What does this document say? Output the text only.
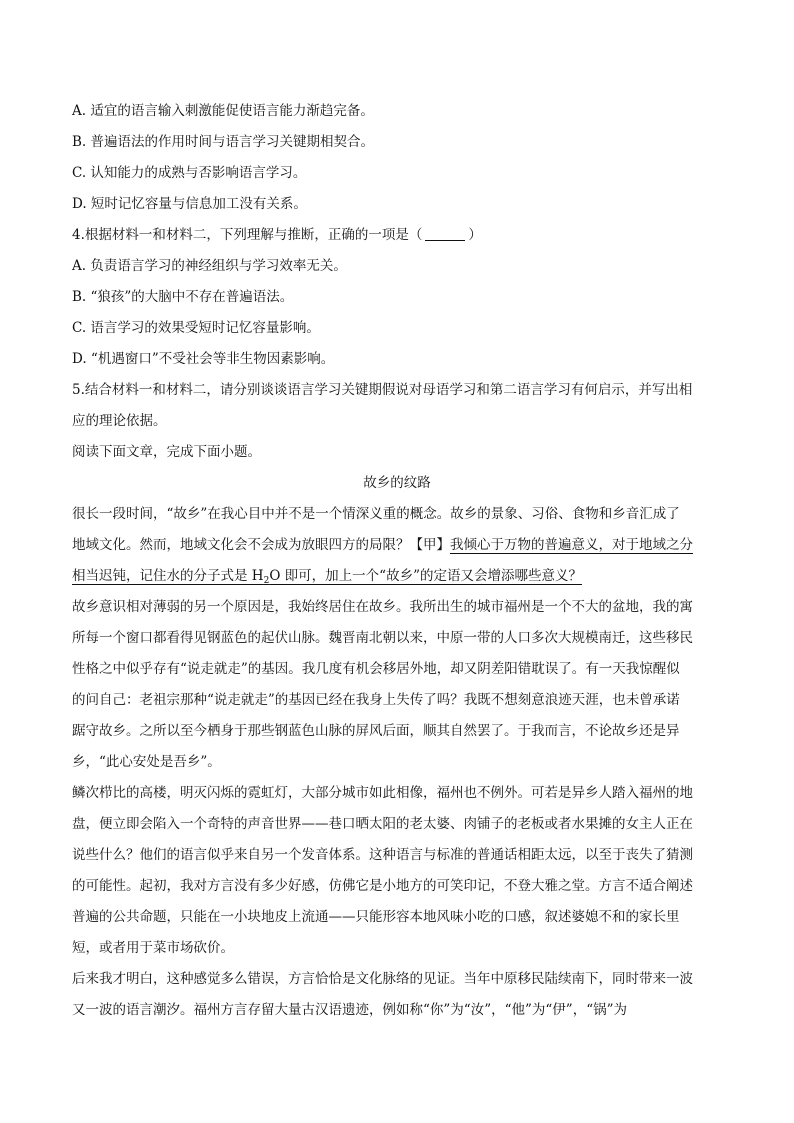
A. 适宜的语言输入刺激能促使语言能力渐趋完备。
B. 普遍语法的作用时间与语言学习关键期相契合。
C. 认知能力的成熟与否影响语言学习。
D. 短时记忆容量与信息加工没有关系。
4.根据材料一和材料二，下列理解与推断，正确的一项是（	）
A. 负责语言学习的神经组织与学习效率无关。
B. “狼孩”的大脑中不存在普遍语法。
C. 语言学习的效果受短时记忆容量影响。
D. “机遇窗口”不受社会等非生物因素影响。
5.结合材料一和材料二，请分别谈谈语言学习关键期假说对母语学习和第二语言学习有何启示，并写出相
应的理论依据。
阅读下面文章，完成下面小题。
故乡的纹路
很长一段时间，“故乡”在我心目中并不是一个情深义重的概念。故乡的景象、习俗、食物和乡音汇成了
地域文化。然而，地域文化会不会成为放眼四方的局限？【甲】我倾心于万物的普遍意义，对于地域之分
相当迟钝，记住水的分子式是 $H_2O$ 即可，加上一个“故乡”的定语又会增添哪些意义？
故乡意识相对薄弱的另一个原因是，我始终居住在故乡。我所出生的城市福州是一个不大的盆地，我的寓
所每一个窗口都看得见钢蓝色的起伏山脉。魏晋南北朝以来，中原一带的人口多次大规模南迁，这些移民
性格之中似乎存有“说走就走”的基因。我几度有机会移居外地，却又阴差阳错耽误了。有一天我惊醒似
的问自己：老祖宗那种“说走就走”的基因已经在我身上失传了吗？我既不想刻意浪迹天涯，也未曾承诺
踞守故乡。之所以至今栖身于那些钢蓝色山脉的屏风后面，顺其自然罢了。于我而言，不论故乡还是异
乡，“此心安处是吾乡”。
鳞次栉比的高楼，明灭闪烁的霓虹灯，大部分城市如此相像，福州也不例外。可若是异乡人踏入福州的地
盘，便立即会陷入一个奇特的声音世界——巷口晒太阳的老太婆、肉铺子的老板或者水果摊的女主人正在
说些什么？他们的语言似乎来自另一个发音体系。这种语言与标准的普通话相距太远，以至于丧失了猜测
的可能性。起初，我对方言没有多少好感，仿佛它是小地方的可笑印记，不登大雅之堂。方言不适合阐述
普遍的公共命题，只能在一小块地皮上流通——只能形容本地风味小吃的口感，叙述婆媳不和的家长里
短，或者用于菜市场砍价。
后来我才明白，这种感觉多么错误，方言恰恰是文化脉络的见证。当年中原移民陆续南下，同时带来一波
又一波的语言潮汐。福州方言存留大量古汉语遗迹，例如称“你”为“汝”，“他”为“伊”，“锅”为
